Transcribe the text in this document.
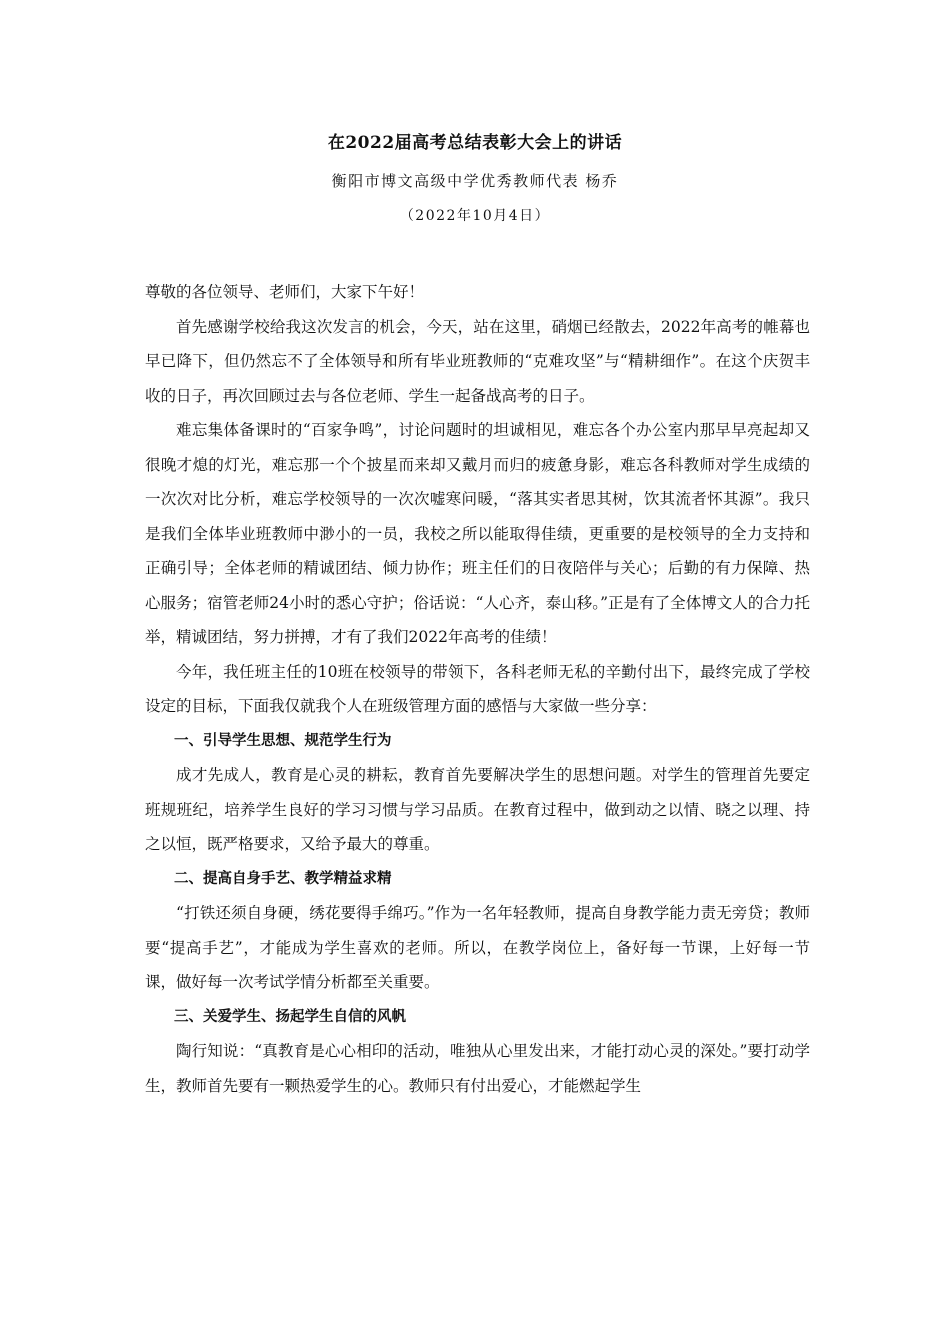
在2022届高考总结表彰大会上的讲话
衡阳市博文高级中学优秀教师代表 杨乔
（2022年10月4日）

尊敬的各位领导、老师们，大家下午好！

首先感谢学校给我这次发言的机会，今天，站在这里，硝烟已经散去，2022年高考的帷幕也早已降下，但仍然忘不了全体领导和所有毕业班教师的“克难攻坚”与“精耕细作”。在这个庆贺丰收的日子，再次回顾过去与各位老师、学生一起备战高考的日子。

难忘集体备课时的“百家争鸣”，讨论问题时的坦诚相见，难忘各个办公室内那早早亮起却又很晚才熄的灯光，难忘那一个个披星而来却又戴月而归的疲惫身影，难忘各科教师对学生成绩的一次次对比分析，难忘学校领导的一次次嘘寒问暖，“落其实者思其树，饮其流者怀其源”。我只是我们全体毕业班教师中渺小的一员，我校之所以能取得佳绩，更重要的是校领导的全力支持和正确引导；全体老师的精诚团结、倾力协作；班主任们的日夜陪伴与关心；后勤的有力保障、热心服务；宿管老师24小时的悉心守护；俗话说：“人心齐，泰山移。”正是有了全体博文人的合力托举，精诚团结，努力拼搏，才有了我们2022年高考的佳绩！

今年，我任班主任的10班在校领导的带领下，各科老师无私的辛勤付出下，最终完成了学校设定的目标，下面我仅就我个人在班级管理方面的感悟与大家做一些分享：

一、引导学生思想、规范学生行为

成才先成人，教育是心灵的耕耘，教育首先要解决学生的思想问题。对学生的管理首先要定班规班纪，培养学生良好的学习习惯与学习品质。在教育过程中，做到动之以情、晓之以理、持之以恒，既严格要求，又给予最大的尊重。

二、提高自身手艺、教学精益求精

“打铁还须自身硬，绣花要得手绵巧。”作为一名年轻教师，提高自身教学能力责无旁贷；教师要“提高手艺”，才能成为学生喜欢的老师。所以，在教学岗位上，备好每一节课，上好每一节课，做好每一次考试学情分析都至关重要。

三、关爱学生、扬起学生自信的风帆

陶行知说：“真教育是心心相印的活动，唯独从心里发出来，才能打动心灵的深处。”要打动学生，教师首先要有一颗热爱学生的心。教师只有付出爱心，才能燃起学生
